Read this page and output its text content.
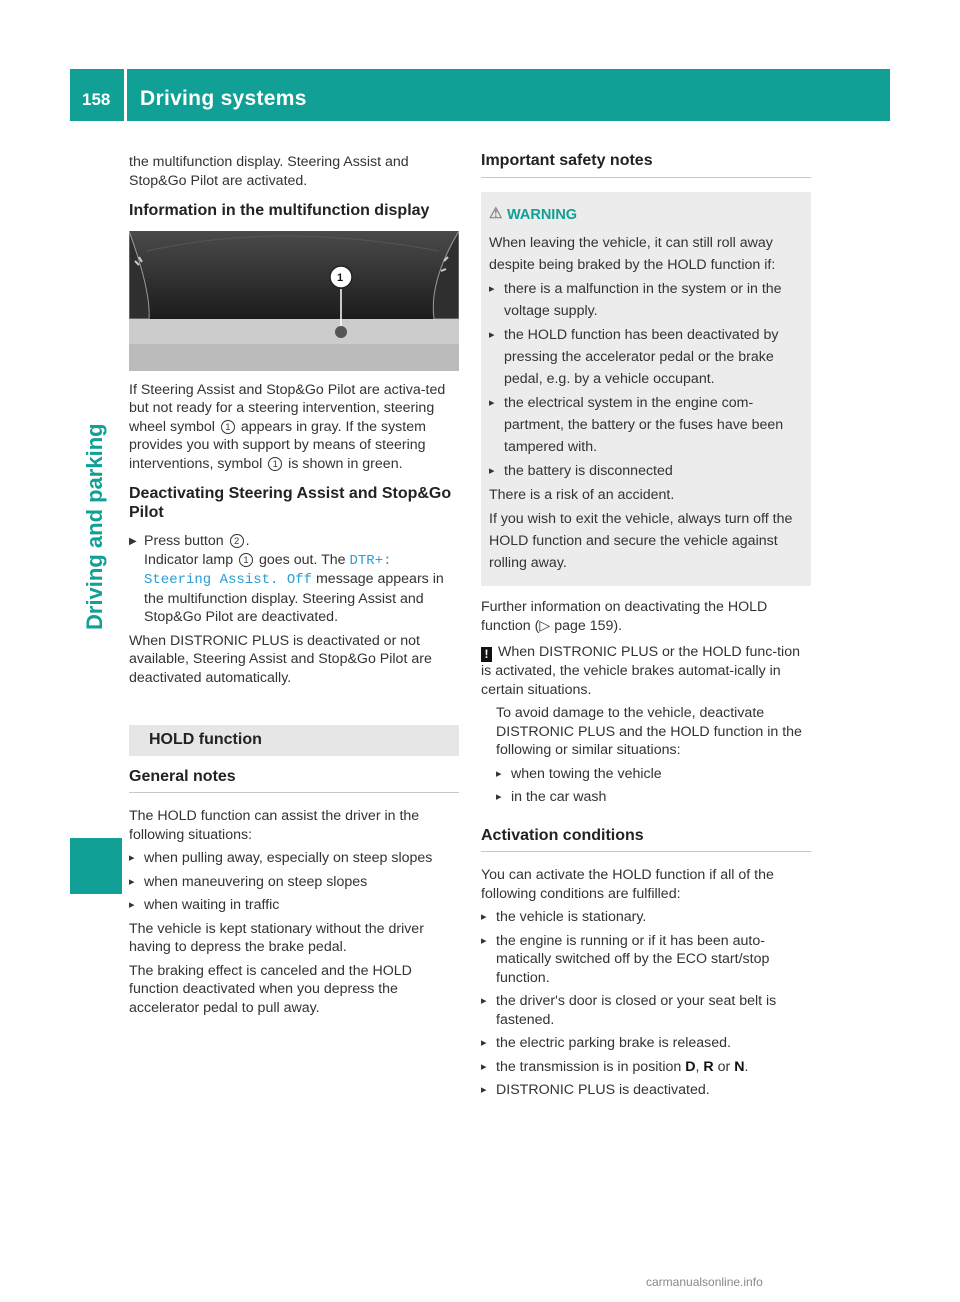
158 Driving systems
Driving and parking

the multifunction display. Steering Assist and Stop&Go Pilot are activated.

Information in the multifunction display
1
P54.33-3162-31

If Steering Assist and Stop&Go Pilot are activa-ted but not ready for a steering intervention, steering wheel symbol 1 appears in gray. If the system provides you with support by means of steering interventions, symbol 1 is shown in green.

Deactivating Steering Assist and Stop&Go Pilot
▶ Press button 2 .
Indicator lamp 1 goes out. The DTR+: Steering Assist. Off message appears in the multifunction display. Steering Assist and Stop&Go Pilot are deactivated.

When DISTRONIC PLUS is deactivated or not available, Steering Assist and Stop&Go Pilot are deactivated automatically.

HOLD function
General notes

The HOLD function can assist the driver in the following situations:

▸ when pulling away, especially on steep slopes
▸ when maneuvering on steep slopes
▸ when waiting in traffic

The vehicle is kept stationary without the driver having to depress the brake pedal.

The braking effect is canceled and the HOLD function deactivated when you depress the accelerator pedal to pull away.

Important safety notes
⚠ WARNING

When leaving the vehicle, it can still roll away despite being braked by the HOLD function if:

▸ there is a malfunction in the system or in the voltage supply.
▸ the HOLD function has been deactivated by pressing the accelerator pedal or the brake pedal, e.g. by a vehicle occupant.
▸ the electrical system in the engine com-partment, the battery or the fuses have been tampered with.
▸ the battery is disconnected

There is a risk of an accident.

If you wish to exit the vehicle, always turn off the HOLD function and secure the vehicle against rolling away.

Further information on deactivating the HOLD function (▷ page 159).

! When DISTRONIC PLUS or the HOLD func-tion is activated, the vehicle brakes automat-ically in certain situations.

To avoid damage to the vehicle, deactivate DISTRONIC PLUS and the HOLD function in the following or similar situations:

▸ when towing the vehicle
▸ in the car wash
Activation conditions

You can activate the HOLD function if all of the following conditions are fulfilled:

▸ the vehicle is stationary.
▸ the engine is running or if it has been auto-matically switched off by the ECO start/stop function.
▸ the driver's door is closed or your seat belt is fastened.
▸ the electric parking brake is released.
▸ the transmission is in position D, R or N.
▸ DISTRONIC PLUS is deactivated.
carmanualsonline.info
